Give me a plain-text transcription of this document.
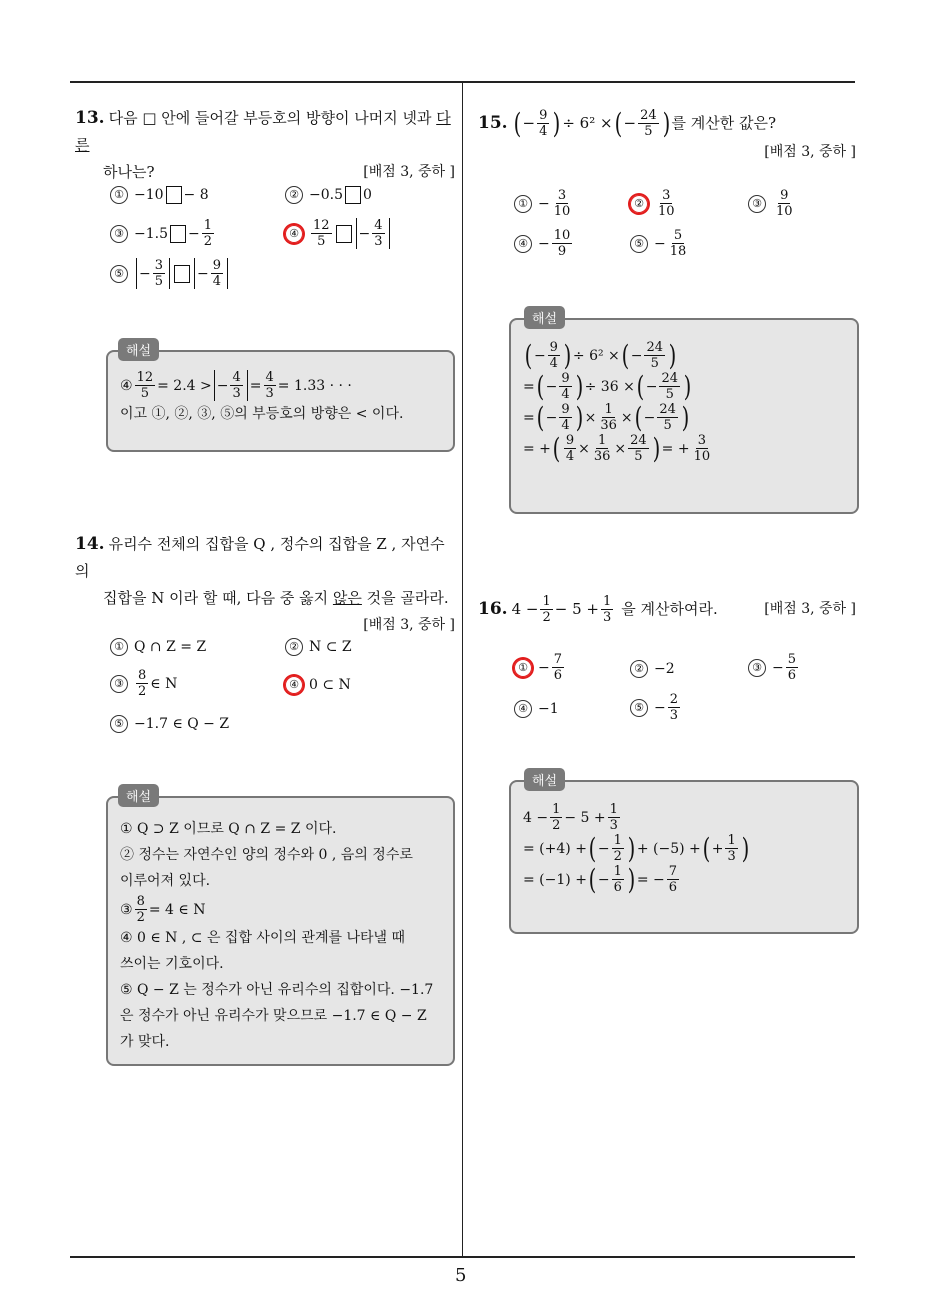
5
13. 다음 □ 안에 들어갈 부등호의 방향이 나머지 넷과 다른
하나는?	[배점 3, 중하 ]
① −10 − 8	② −0.5 0
③ $-1.5 - \frac{1}{2}$	④ $\frac{12}{5} - \frac{4}{3}$
⑤ − $\frac{3}{5} - \frac{9}{4}$
④ $\frac{12}{5} = 2.4$ > − $\frac{4}{3} = \frac{4}{3} = 1.33$ · · ·
이고 ①, ②, ③, ⑤의 부등호의 방향은 < 이다.
해설
14. 유리수 전체의 집합을 Q , 정수의 집합을 Z , 자연수의
집합을 N 이라 할 때, 다음 중 옳지 않은 것을 골라라.
[배점 3, 중하 ]
① Q ∩ Z = Z	② N ⊂ Z
③ $\frac{8}{2}$ ∈ N	④ 0 ⊂ N
⑤ −1.7 ∈ Q − Z
① Q ⊃ Z 이므로 Q ∩ Z = Z 이다.
② 정수는 자연수인 양의 정수와 0 , 음의 정수로
이루어져 있다.
③ $\frac{8}{2} = 4$ ∈ N
④ 0 ∈ N , ⊂ 은 집합 사이의 관계를 나타낼 때
쓰이는 기호이다.
⑤ Q − Z 는 정수가 아닌 유리수의 집합이다. −1.7
은 정수가 아닌 유리수가 맞으므로 −1.7 ∈ Q − Z
가 맞다.
해설
15. ( − $\frac{9}{4}$
) ÷ 6² × ( − $\frac{24}{5}$
) 를 계산한 값은?
[배점 3, 중하 ]
① − $\frac{3}{10}$	② $\frac{3}{10}$	③ $\frac{9}{10}$
④ − $\frac{10}{9}$	⑤ − $\frac{5}{18}$
( − $\frac{9}{4}$
) ÷ 6² × ( − $\frac{24}{5}$
)
= ( − $\frac{9}{4}$
) ÷ 36 × ( − $\frac{24}{5}$
)
= ( − $\frac{9}{4}$
) × $\frac{1}{36}$ × ( − $\frac{24}{5}$
)
= + ( $\frac{9}{4} \times \frac{1}{36} \times \frac{24}{5}$
) = + $\frac{3}{10}$
해설
16. $4 - \frac{1}{2} - 5 + \frac{1}{3}$ 을 계산하여라.	[배점 3, 중하 ]
① − $\frac{7}{6}$	② −2	③ − $\frac{5}{6}$
④ −1	⑤ − $\frac{2}{3}$
$4 - \frac{1}{2} - 5 + \frac{1}{3}$
= (+4) + ( − $\frac{1}{2}$
) + (−5) + ( + $\frac{1}{3}$
)
= (−1) + ( − $\frac{1}{6}$
) = − $\frac{7}{6}$
해설
